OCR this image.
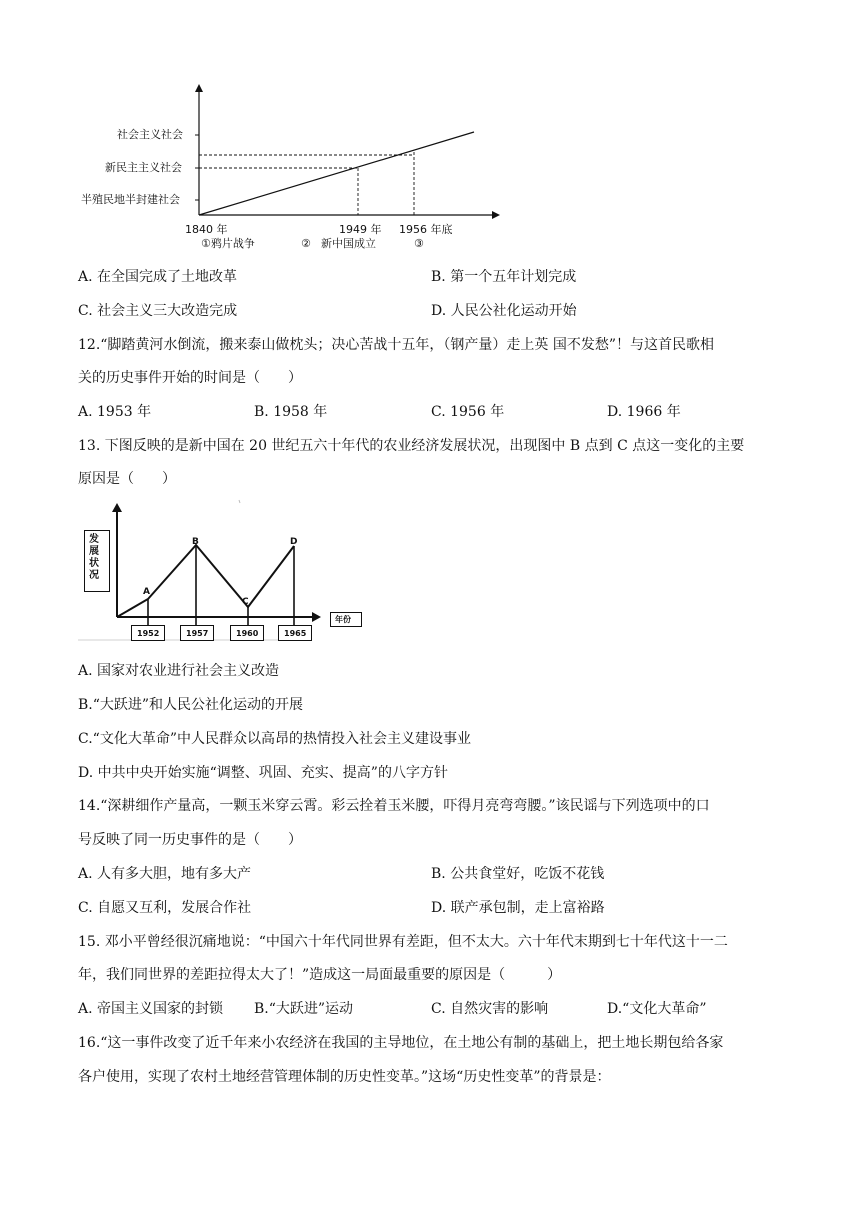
社会主义社会
新民主主义社会
半殖民地半封建社会
1840 年	1949 年 1956 年底
①鸦片战争	② 新中国成立	③
A. 在全国完成了土地改革	B. 第一个五年计划完成
C. 社会主义三大改造完成	D. 人民公社化运动开始
12.“脚踏黄河水倒流，搬来泰山做枕头；决心苦战十五年，（钢产量）走上英 国不发愁”！与这首民歌相
关的历史事件开始的时间是（　　）
A. 1953 年	B. 1958 年	C. 1956 年	D. 1966 年
13. 下图反映的是新中国在 20 世纪五六十年代的农业经济发展状况，出现图中 B 点到 C 点这一变化的主要
原因是（　　）
发展状况
年份
A
B
C
D
1952	1957	1960	1965
A. 国家对农业进行社会主义改造
B.“大跃进”和人民公社化运动的开展
C.“文化大革命”中人民群众以高昂的热情投入社会主义建设事业
D. 中共中央开始实施“调整、巩固、充实、提高”的八字方针
14.“深耕细作产量高，一颗玉米穿云霄。彩云拴着玉米腰，吓得月亮弯弯腰。”该民谣与下列选项中的口
号反映了同一历史事件的是（　　）
A. 人有多大胆，地有多大产	B. 公共食堂好，吃饭不花钱
C. 自愿又互利，发展合作社	D. 联产承包制，走上富裕路
15. 邓小平曾经很沉痛地说：“中国六十年代同世界有差距，但不太大。六十年代末期到七十年代这十一二
年，我们同世界的差距拉得太大了！”造成这一局面最重要的原因是（　　　）
A. 帝国主义国家的封锁 B.“大跃进”运动	C. 自然灾害的影响	D.“文化大革命”
16.“这一事件改变了近千年来小农经济在我国的主导地位，在土地公有制的基础上，把土地长期包给各家
各户使用，实现了农村土地经营管理体制的历史性变革。”这场“历史性变革”的背景是：
